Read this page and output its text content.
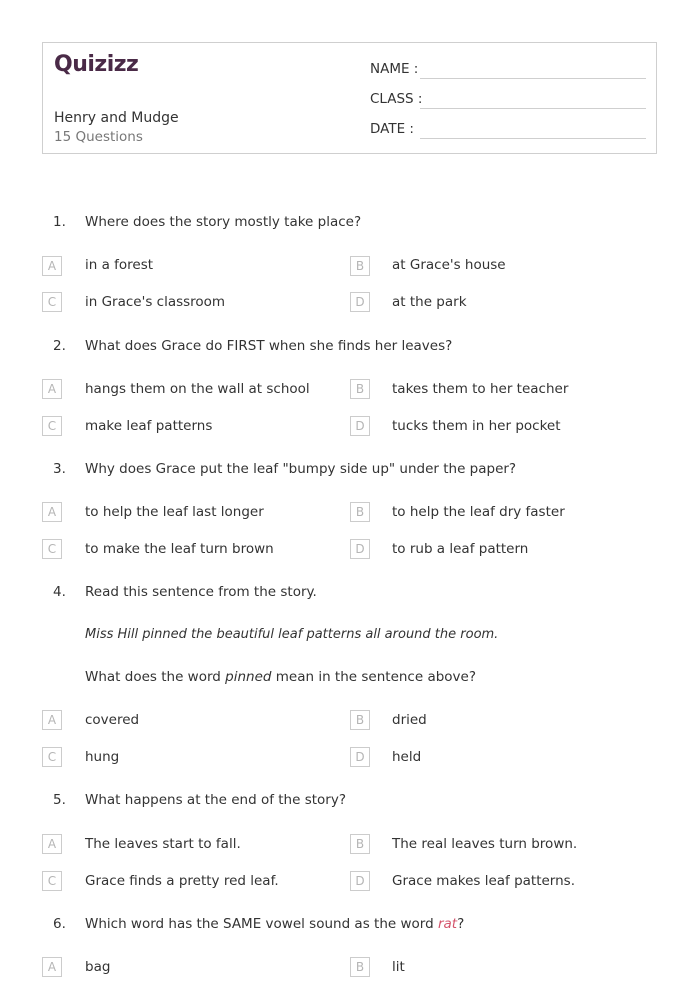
Quizizz
Henry and Mudge
15 Questions
NAME :
CLASS :
DATE :
1. Where does the story mostly take place?
A	in a forest	B	at Grace's house
C	in Grace's classroom	D	at the park
2. What does Grace do FIRST when she finds her leaves?
A	hangs them on the wall at school	B	takes them to her teacher
C	make leaf patterns	D	tucks them in her pocket
3. Why does Grace put the leaf "bumpy side up" under the paper?
A	to help the leaf last longer	B	to help the leaf dry faster
C	to make the leaf turn brown	D	to rub a leaf pattern
4. Read this sentence from the story.
Miss Hill pinned the beautiful leaf patterns all around the room.
What does the word pinned mean in the sentence above?
A	covered	B	dried
C	hung	D	held
5. What happens at the end of the story?
A	The leaves start to fall.	B	The real leaves turn brown.
C	Grace finds a pretty red leaf.	D	Grace makes leaf patterns.
6. Which word has the SAME vowel sound as the word rat?
A	bag	B	lit
